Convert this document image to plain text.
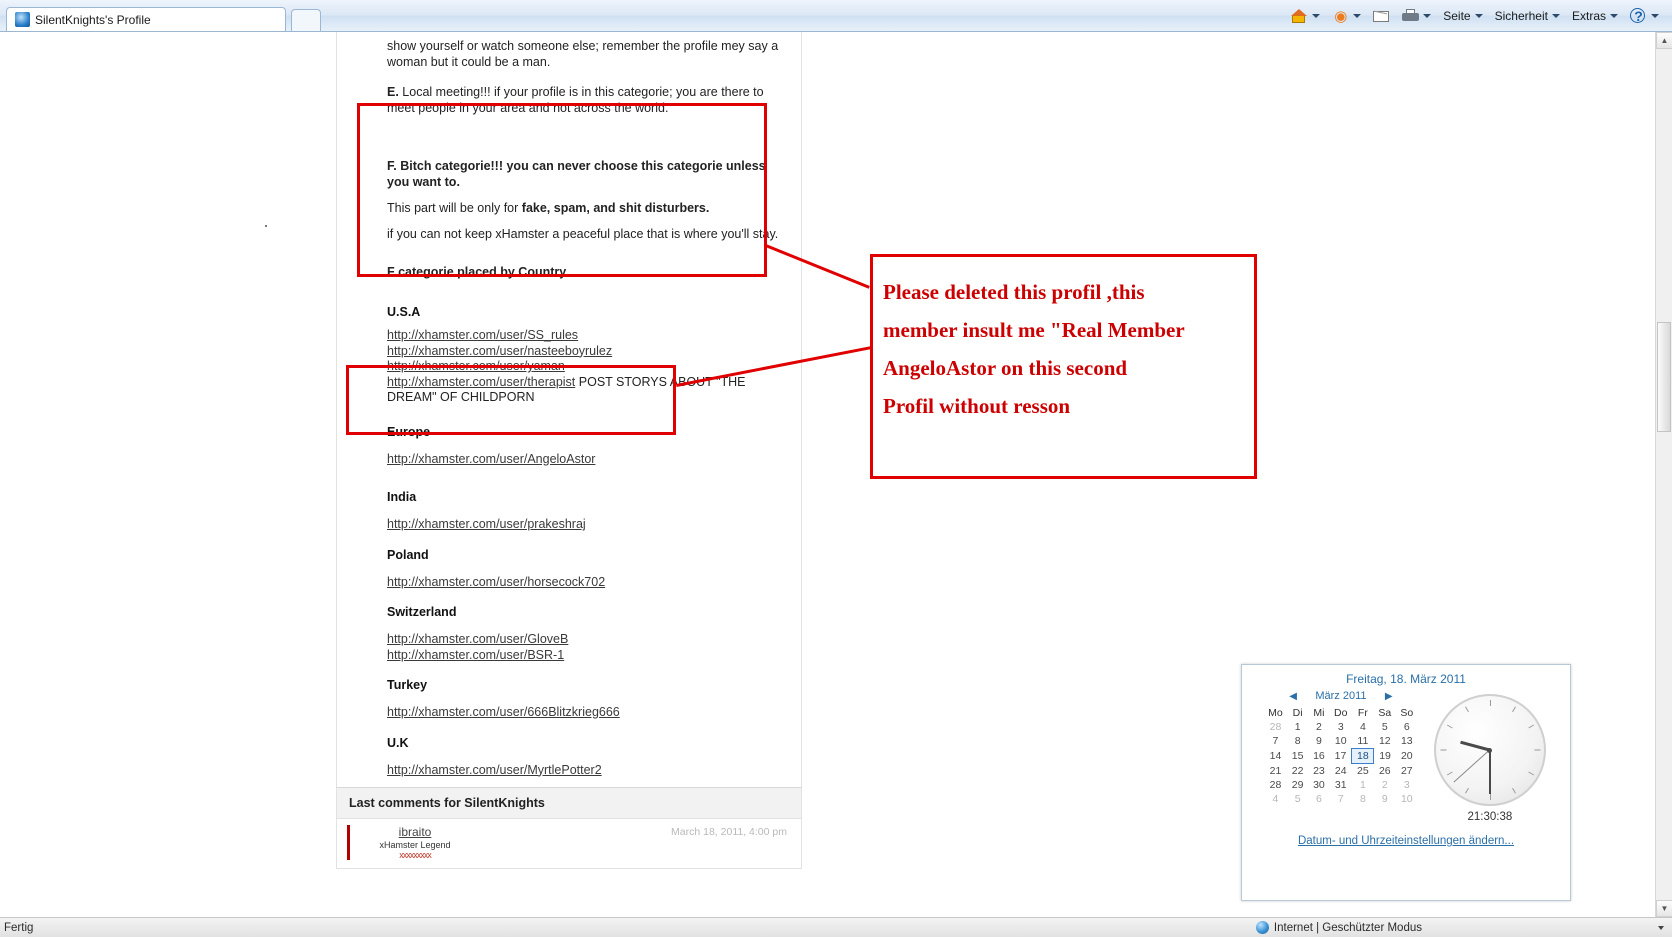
SilentKnights's Profile	◉	Seite Sicherheit Extras	?

show yourself or watch someone else; remember the profile mey say a woman but it could be a man.

E. Local meeting!!! if your profile is in this categorie; you are there to meet people in your area and not across the world.

F. Bitch categorie!!! you can never choose this categorie unless you want to.

This part will be only for fake, spam, and shit disturbers.

if you can not keep xHamster a peaceful place that is where you'll stay.

F categorie placed by Country.

U.S.A
http://xhamster.com/user/SS_rules
http://xhamster.com/user/nasteeboyrulez
http://xhamster.com/user/yaman
http://xhamster.com/user/therapist POST STORYS ABOUT "THE DREAM" OF CHILDPORN
Europe
http://xhamster.com/user/AngeloAstor
India
http://xhamster.com/user/prakeshraj
Poland
http://xhamster.com/user/horsecock702
Switzerland
http://xhamster.com/user/GloveB
http://xhamster.com/user/BSR-1
Turkey
http://xhamster.com/user/666Blitzkrieg666
U.K
http://xhamster.com/user/MyrtlePotter2
Last comments for SilentKnights
ibraito
xHamster Legend
xxxxxxxxx
March 18, 2011, 4:00 pm
Please deleted this profil ,this
member insult me "Real Member
AngeloAstor on this second
Profil without resson
Freitag, 18. März 2011
◀	März 2011	▶
Mo	Di	Mi	Do	Fr	Sa	So
28	1	2	3	4	5	6
7	8	9	10	11	12	13
14	15	16	17	18	19	20
21	22	23	24	25	26	27
28	29	30	31	1	2	3
4	5	6	7	8	9	10
21:30:38
Datum- und Uhrzeiteinstellungen ändern...
▲
▼
Fertig	Internet | Geschützter Modus
